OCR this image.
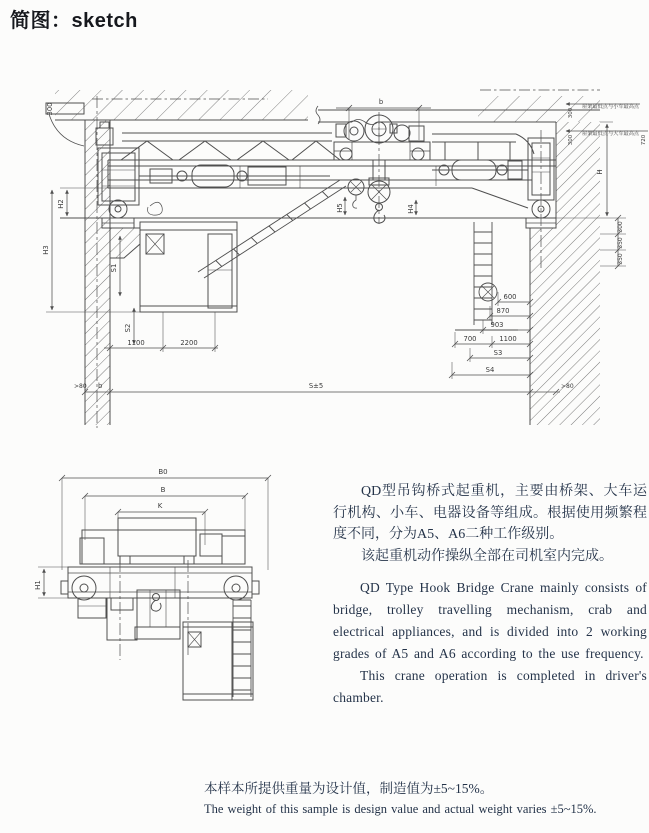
简图：sketch
300
b
300
屋架最低点与小车最高点
300
屋架最低点与大车最高点
720
H
300
350
350
H2
H3
S1
S2
1100	2200
>80 b	S±5
600
870
903
700	1100
S3
S4
>80
H5	H4
B0
B
K
H1

QD型吊钩桥式起重机，主要由桥架、大车运行机构、小车、电器设备等组成。根据使用频繁程度不同，分为A5、A6二种工作级别。

该起重机动作操纵全部在司机室内完成。

QD Type Hook Bridge Crane mainly consists of bridge, trolley travelling mechanism, crab and electrical appliances, and is divided into 2 working grades of A5 and A6 according to the use frequency.

This crane operation is completed in driver's chamber.

本样本所提供重量为设计值，制造值为±5~15%。

The weight of this sample is design value and actual weight varies ±5~15%.
